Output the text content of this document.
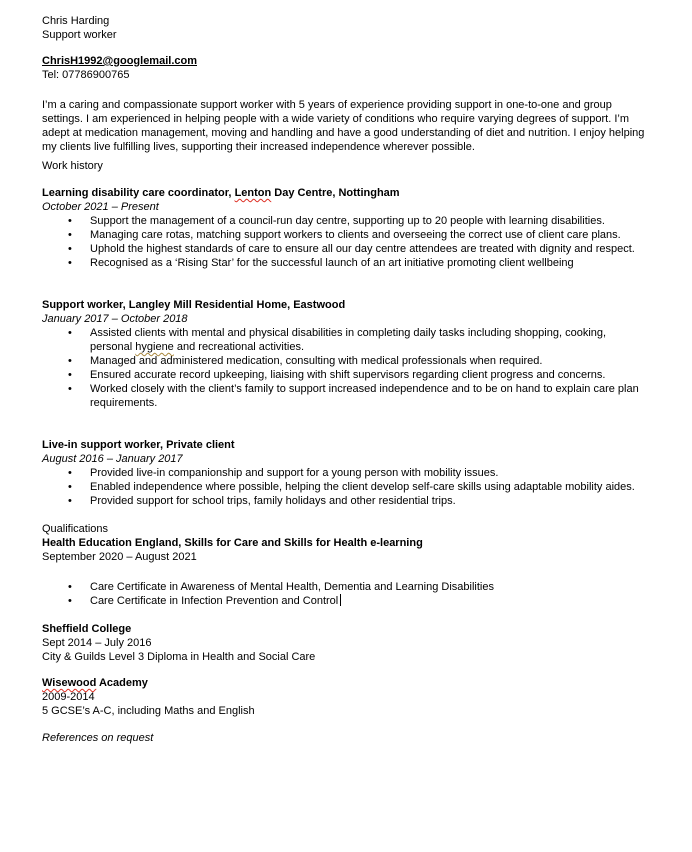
Chris Harding
Support worker
ChrisH1992@googlemail.com
Tel: 07786900765
I’m a caring and compassionate support worker with 5 years of experience providing support in one-to-one and group settings. I am experienced in helping people with a wide variety of conditions who require varying degrees of support. I’m adept at medication management, moving and handling and have a good understanding of diet and nutrition. I enjoy helping my clients live fulfilling lives, supporting their increased independence wherever possible.
Work history
Learning disability care coordinator, Lenton Day Centre, Nottingham
October 2021 – Present
• Support the management of a council-run day centre, supporting up to 20 people with learning disabilities.
• Managing care rotas, matching support workers to clients and overseeing the correct use of client care plans.
• Uphold the highest standards of care to ensure all our day centre attendees are treated with dignity and respect.
• Recognised as a ‘Rising Star’ for the successful launch of an art initiative promoting client wellbeing
Support worker, Langley Mill Residential Home, Eastwood
January 2017 – October 2018
• Assisted clients with mental and physical disabilities in completing daily tasks including shopping, cooking, personal hygiene and recreational activities.
• Managed and administered medication, consulting with medical professionals when required.
• Ensured accurate record upkeeping, liaising with shift supervisors regarding client progress and concerns.
• Worked closely with the client’s family to support increased independence and to be on hand to explain care plan requirements.
Live-in support worker, Private client
August 2016 – January 2017
• Provided live-in companionship and support for a young person with mobility issues.
• Enabled independence where possible, helping the client develop self-care skills using adaptable mobility aides.
• Provided support for school trips, family holidays and other residential trips.
Qualifications
Health Education England, Skills for Care and Skills for Health e-learning
September 2020 – August 2021
• Care Certificate in Awareness of Mental Health, Dementia and Learning Disabilities
• Care Certificate in Infection Prevention and Control
Sheffield College
Sept 2014 – July 2016
City & Guilds Level 3 Diploma in Health and Social Care
Wisewood Academy
2009-2014
5 GCSE’s A-C, including Maths and English
References on request
